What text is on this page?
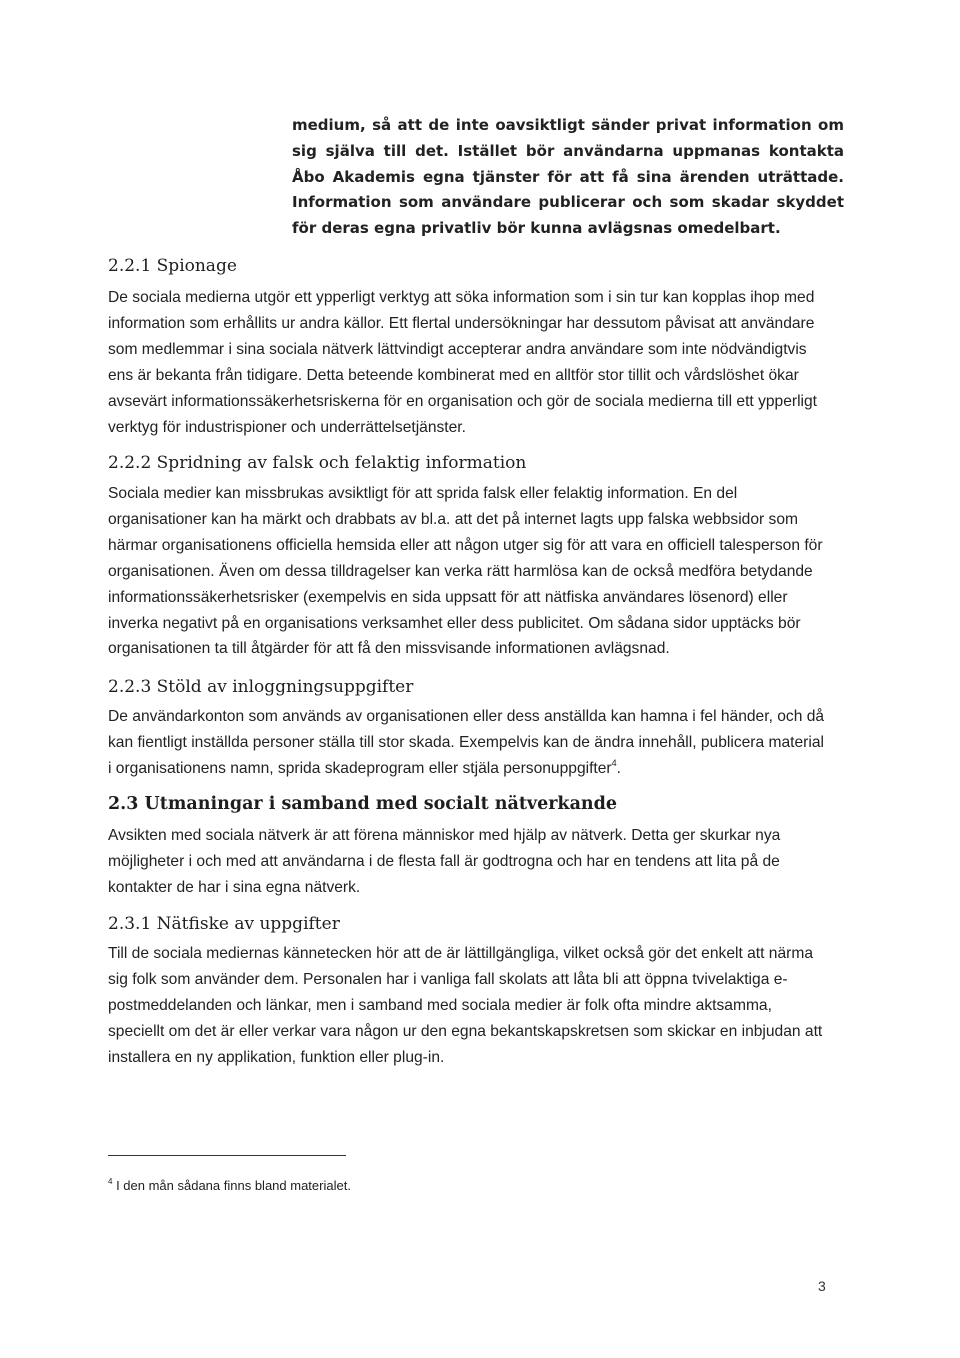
medium, så att de inte oavsiktligt sänder privat information om sig själva till det. Istället bör användarna uppmanas kontakta Åbo Akademis egna tjänster för att få sina ärenden uträttade. Information som användare publicerar och som skadar skyddet för deras egna privatliv bör kunna avlägsnas omedelbart.

2.2.1 Spionage

De sociala medierna utgör ett ypperligt verktyg att söka information som i sin tur kan kopplas ihop med information som erhållits ur andra källor. Ett flertal undersökningar har dessutom påvisat att användare som medlemmar i sina sociala nätverk lättvindigt accepterar andra användare som inte nödvändigtvis ens är bekanta från tidigare. Detta beteende kombinerat med en alltför stor tillit och vårdslöshet ökar avsevärt informationssäkerhetsriskerna för en organisation och gör de sociala medierna till ett ypperligt verktyg för industrispioner och underrättelsetjänster.

2.2.2 Spridning av falsk och felaktig information

Sociala medier kan missbrukas avsiktligt för att sprida falsk eller felaktig information. En del organisationer kan ha märkt och drabbats av bl.a. att det på internet lagts upp falska webbsidor som härmar organisationens officiella hemsida eller att någon utger sig för att vara en officiell talesperson för organisationen. Även om dessa tilldragelser kan verka rätt harmlösa kan de också medföra betydande informationssäkerhetsrisker (exempelvis en sida uppsatt för att nätfiska användares lösenord) eller inverka negativt på en organisations verksamhet eller dess publicitet. Om sådana sidor upptäcks bör organisationen ta till åtgärder för att få den missvisande informationen avlägsnad.

2.2.3 Stöld av inloggningsuppgifter

De användarkonton som används av organisationen eller dess anställda kan hamna i fel händer, och då kan fientligt inställda personer ställa till stor skada. Exempelvis kan de ändra innehåll, publicera material i organisationens namn, sprida skadeprogram eller stjäla personuppgifter$^4$.

2.3 Utmaningar i samband med socialt nätverkande

Avsikten med sociala nätverk är att förena människor med hjälp av nätverk. Detta ger skurkar nya möjligheter i och med att användarna i de flesta fall är godtrogna och har en tendens att lita på de kontakter de har i sina egna nätverk.

2.3.1 Nätfiske av uppgifter

Till de sociala mediernas kännetecken hör att de är lättillgängliga, vilket också gör det enkelt att närma sig folk som använder dem. Personalen har i vanliga fall skolats att låta bli att öppna tvivelaktiga e-postmeddelanden och länkar, men i samband med sociala medier är folk ofta mindre aktsamma, speciellt om det är eller verkar vara någon ur den egna bekantskapskretsen som skickar en inbjudan att installera en ny applikation, funktion eller plug-in.

$^4$ I den mån sådana finns bland materialet.
3
